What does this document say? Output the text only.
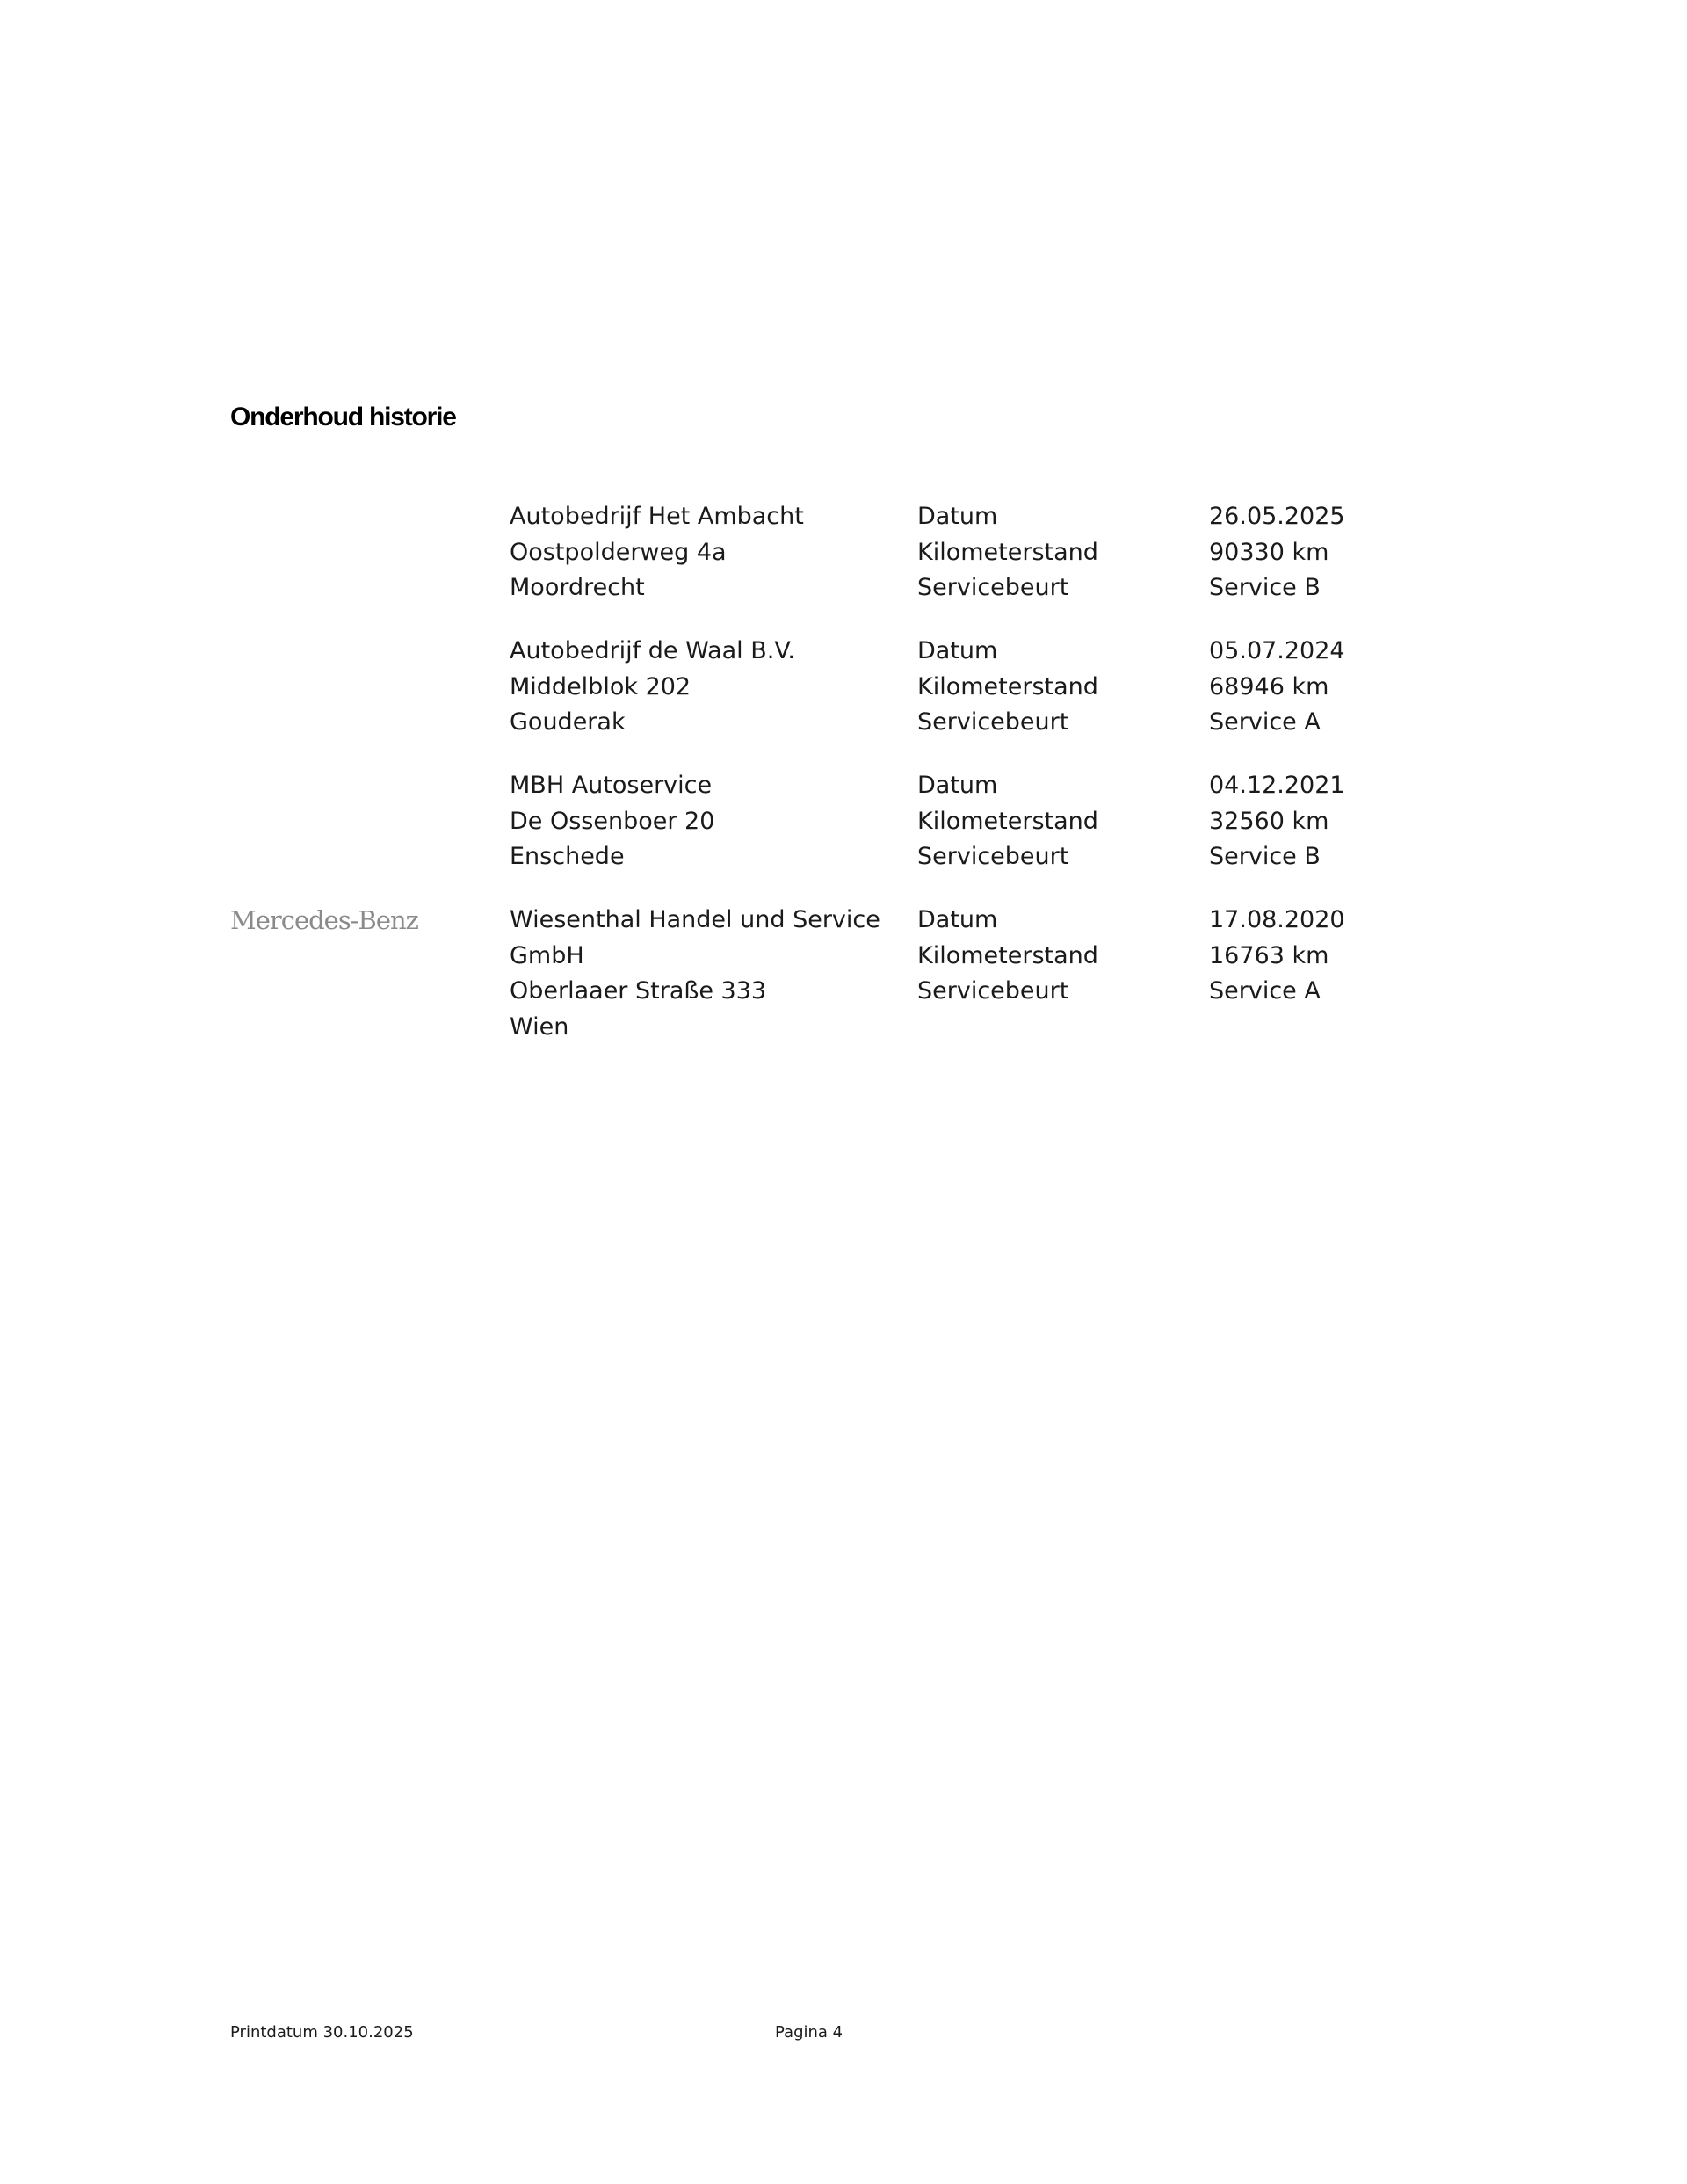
Onderhoud historie
Autobedrijf Het Ambacht
Oostpolderweg 4a
Moordrecht
Datum
Kilometerstand
Servicebeurt
26.05.2025
90330 km
Service B
Autobedrijf de Waal B.V.
Middelblok 202
Gouderak
Datum
Kilometerstand
Servicebeurt
05.07.2024
68946 km
Service A
MBH Autoservice
De Ossenboer 20
Enschede
Datum
Kilometerstand
Servicebeurt
04.12.2021
32560 km
Service B
Mercedes-Benz	Wiesenthal Handel und Service
GmbH
Oberlaaer Straße 333
Wien
Datum
Kilometerstand
Servicebeurt
17.08.2020
16763 km
Service A
Printdatum 30.10.2025	Pagina 4
